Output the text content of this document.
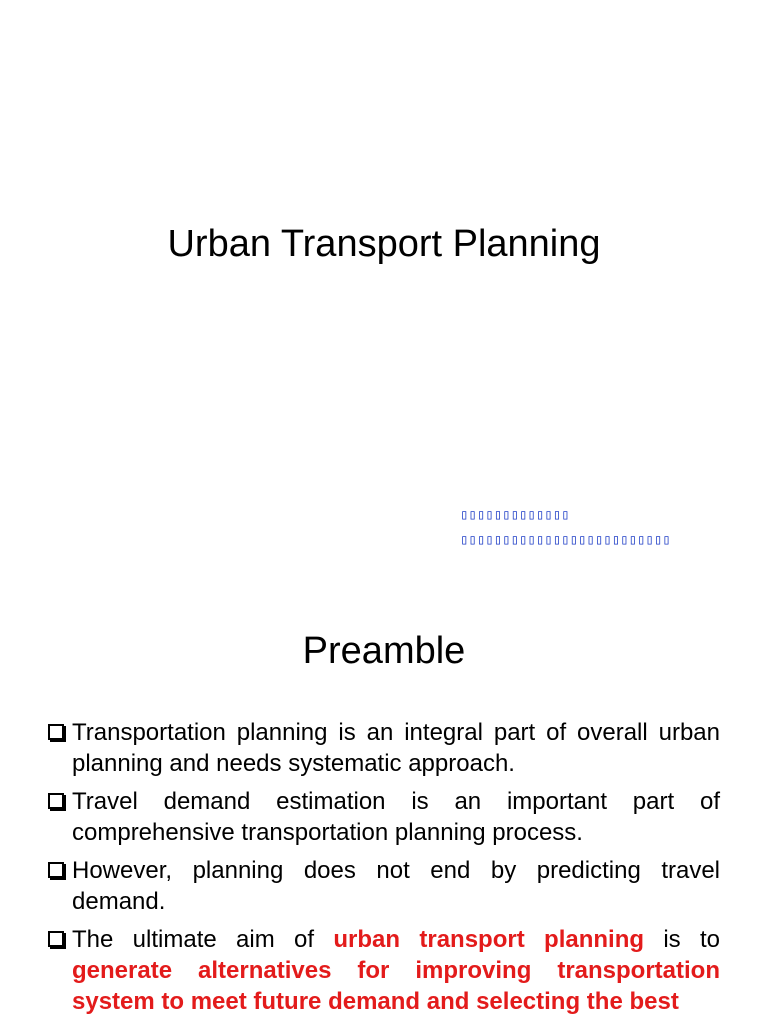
Urban Transport Planning
▯▯▯▯▯▯▯▯▯▯▯▯▯
▯▯▯▯▯▯▯▯▯▯▯▯▯▯▯▯▯▯▯▯▯▯▯▯▯
Preamble
Transportation planning is an integral part of overall urban planning and needs systematic approach.
Travel demand estimation is an important part of comprehensive transportation planning process.
However, planning does not end by predicting travel demand.
The ultimate aim of urban transport planning is to generate alternatives for improving transportation system to meet future demand and selecting the best
